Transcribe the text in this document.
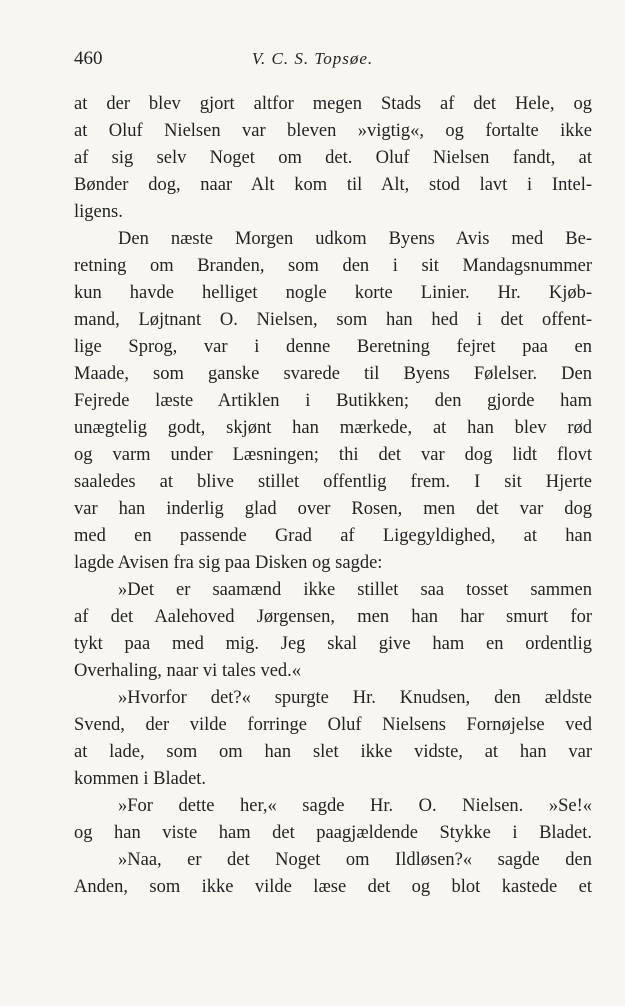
460	V. C. S. Topsøe.
at der blev gjort altfor megen Stads af det Hele, og
at Oluf Nielsen var bleven »vigtig«, og fortalte ikke
af sig selv Noget om det. Oluf Nielsen fandt, at
Bønder dog, naar Alt kom til Alt, stod lavt i Intel-
ligens.
Den næste Morgen udkom Byens Avis med Be-
retning om Branden, som den i sit Mandagsnummer
kun havde helliget nogle korte Linier. Hr. Kjøb-
mand, Løjtnant O. Nielsen, som han hed i det offent-
lige Sprog, var i denne Beretning fejret paa en
Maade, som ganske svarede til Byens Følelser. Den
Fejrede læste Artiklen i Butikken; den gjorde ham
unægtelig godt, skjønt han mærkede, at han blev rød
og varm under Læsningen; thi det var dog lidt flovt
saaledes at blive stillet offentlig frem. I sit Hjerte
var han inderlig glad over Rosen, men det var dog
med en passende Grad af Ligegyldighed, at han
lagde Avisen fra sig paa Disken og sagde:
»Det er saamænd ikke stillet saa tosset sammen
af det Aalehoved Jørgensen, men han har smurt for
tykt paa med mig. Jeg skal give ham en ordentlig
Overhaling, naar vi tales ved.«
»Hvorfor det?« spurgte Hr. Knudsen, den ældste
Svend, der vilde forringe Oluf Nielsens Fornøjelse ved
at lade, som om han slet ikke vidste, at han var
kommen i Bladet.
»For dette her,« sagde Hr. O. Nielsen. »Se!«
og han viste ham det paagjældende Stykke i Bladet.
»Naa, er det Noget om Ildløsen?« sagde den
Anden, som ikke vilde læse det og blot kastede et
